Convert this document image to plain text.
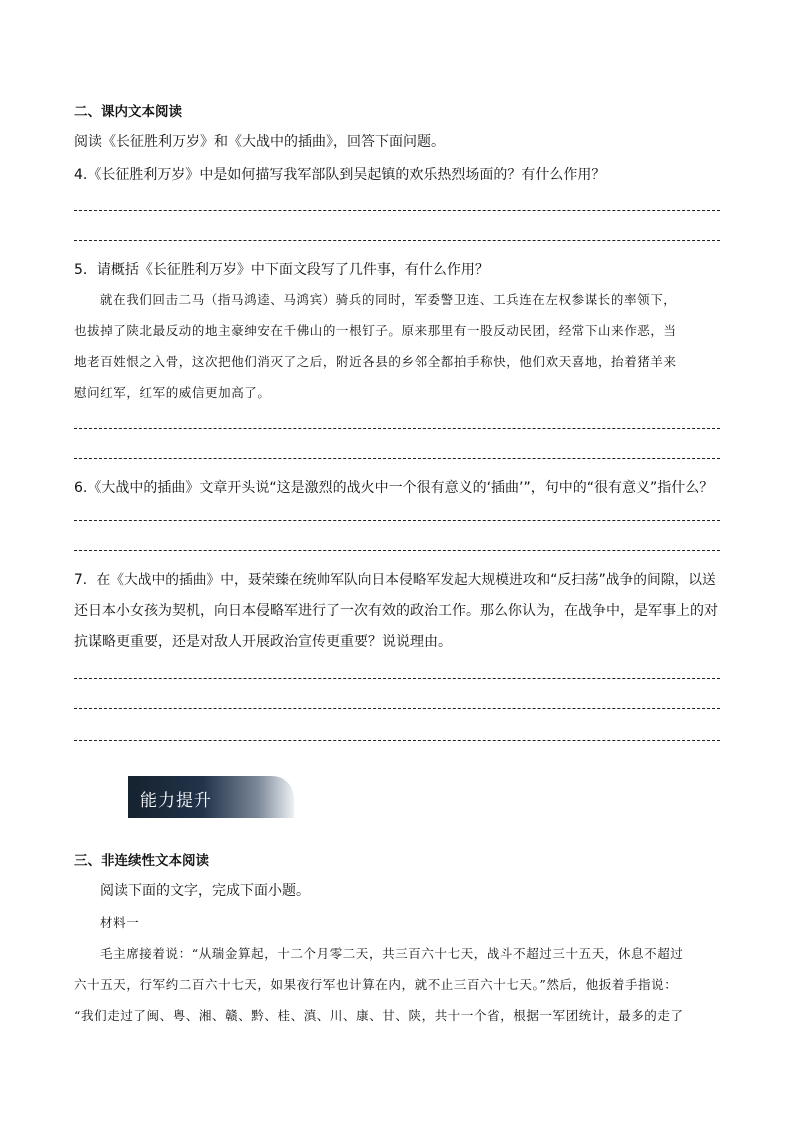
二、课内文本阅读
阅读《长征胜利万岁》和《大战中的插曲》，回答下面问题。
4.《长征胜利万岁》中是如何描写我军部队到吴起镇的欢乐热烈场面的？有什么作用？
5．请概括《长征胜利万岁》中下面文段写了几件事，有什么作用？
就在我们回击二马（指马鸿逵、马鸿宾）骑兵的同时，军委警卫连、工兵连在左权参谋长的率领下，
也拔掉了陕北最反动的地主豪绅安在千佛山的一根钉子。原来那里有一股反动民团，经常下山来作恶，当
地老百姓恨之入骨，这次把他们消灭了之后，附近各县的乡邻全都拍手称快，他们欢天喜地，抬着猪羊来
慰问红军，红军的威信更加高了。
6.《大战中的插曲》文章开头说“这是激烈的战火中一个很有意义的‘插曲’”，句中的“很有意义”指什么？
7．在《大战中的插曲》中，聂荣臻在统帅军队向日本侵略军发起大规模进攻和“反扫荡”战争的间隙，以送
还日本小女孩为契机，向日本侵略军进行了一次有效的政治工作。那么你认为，在战争中，是军事上的对
抗谋略更重要，还是对敌人开展政治宣传更重要？说说理由。
能力提升
三、非连续性文本阅读
阅读下面的文字，完成下面小题。
材料一
毛主席接着说：“从瑞金算起，十二个月零二天，共三百六十七天，战斗不超过三十五天，休息不超过
六十五天，行军约二百六十七天，如果夜行军也计算在内，就不止三百六十七天。”然后，他扳着手指说：
“我们走过了闽、粤、湘、赣、黔、桂、滇、川、康、甘、陕，共十一个省，根据一军团统计，最多的走了
